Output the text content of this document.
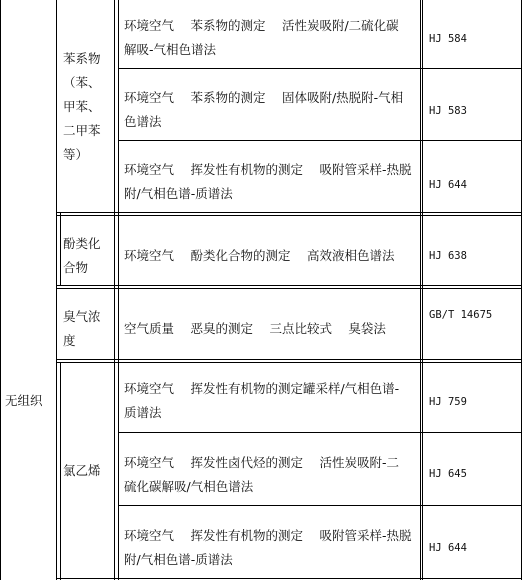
无组织
苯系物
（苯、
甲苯、
二甲苯
等）
酚类化
合物
臭气浓
度
氯乙烯
环境空气　 苯系物的测定　 活性炭吸附/二硫化碳
解吸-气相色谱法
环境空气　 苯系物的测定　 固体吸附/热脱附-气相
色谱法
环境空气　 挥发性有机物的测定　 吸附管采样-热脱
附/气相色谱-质谱法
环境空气　 酚类化合物的测定　 高效液相色谱法
空气质量　 恶臭的测定　 三点比较式　 臭袋法
环境空气　 挥发性有机物的测定罐采样/气相色谱-
质谱法
环境空气　 挥发性卤代烃的测定　 活性炭吸附-二
硫化碳解吸/气相色谱法
环境空气　 挥发性有机物的测定　 吸附管采样-热脱
附/气相色谱-质谱法
HJ 584
HJ 583
HJ 644
HJ 638
GB/T 14675
HJ 759
HJ 645
HJ 644
